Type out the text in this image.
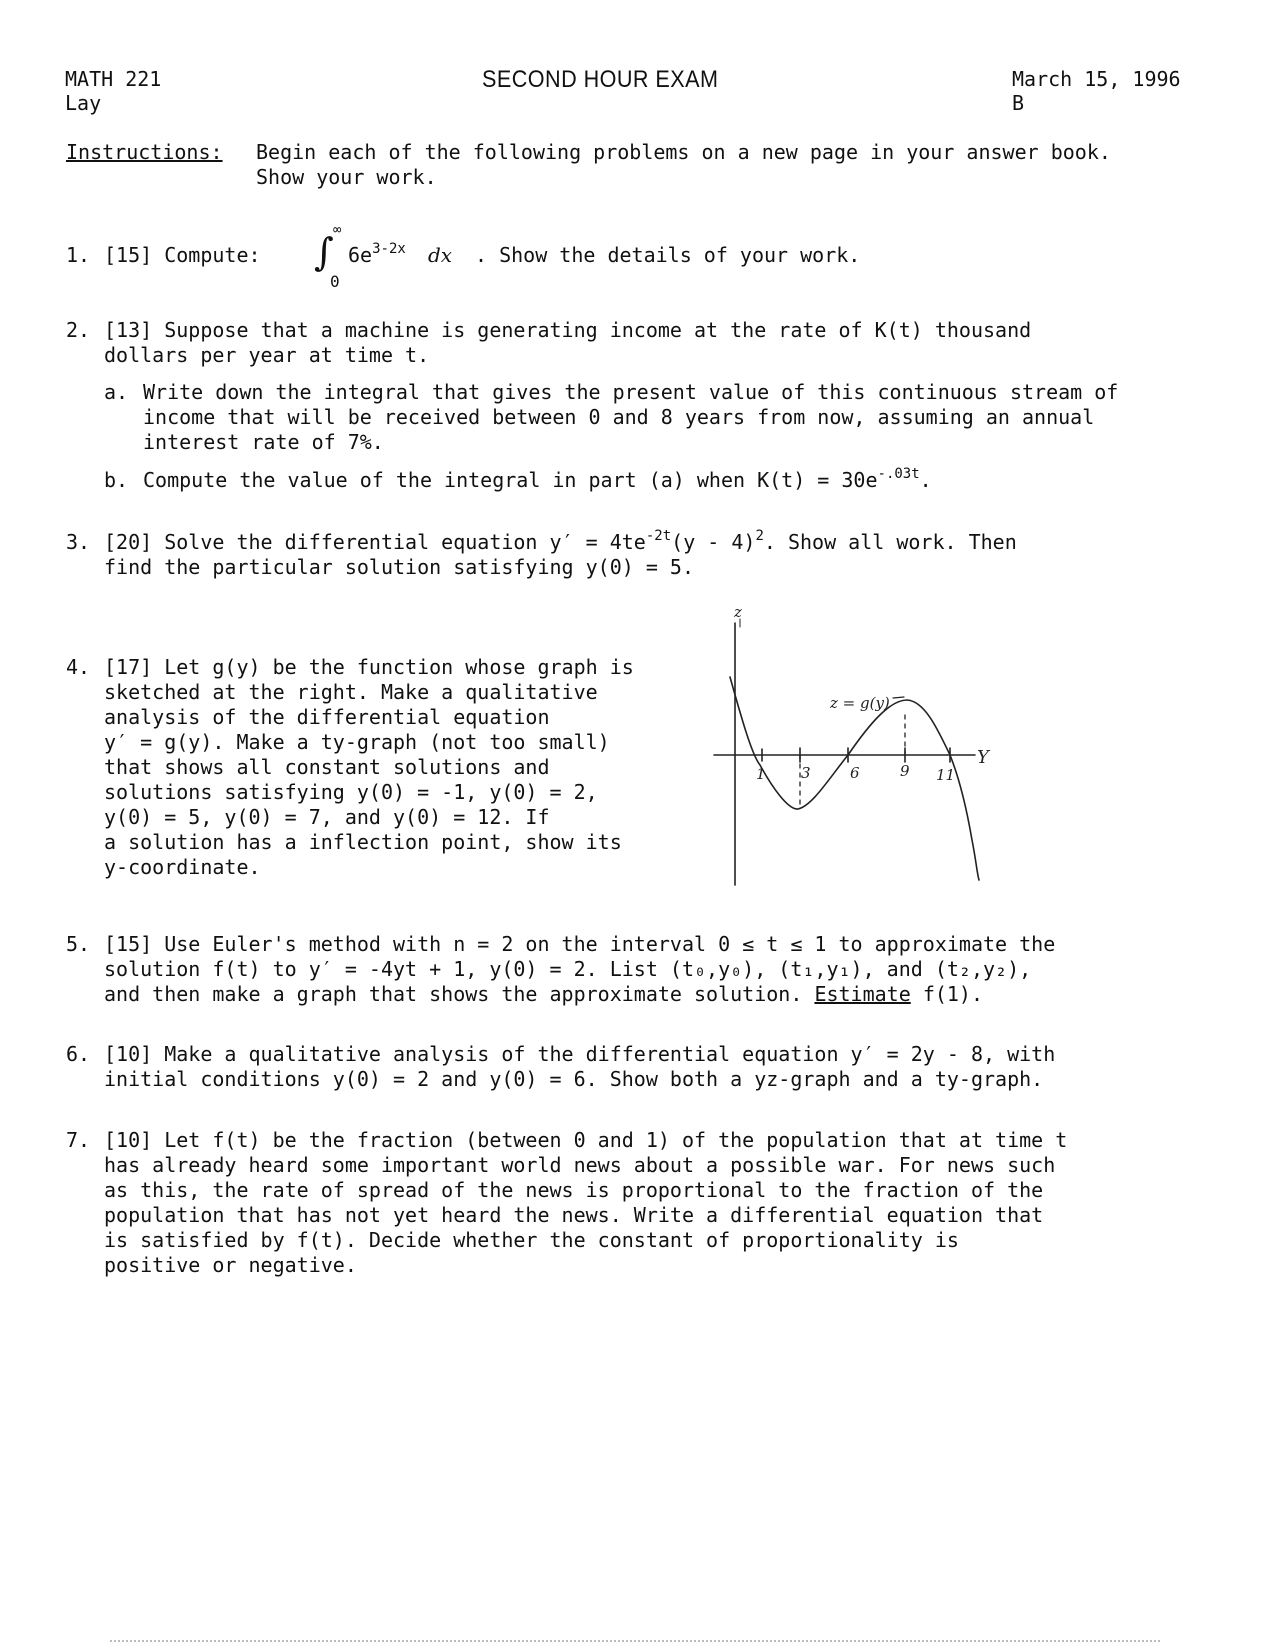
MATH 221
Lay
SECOND HOUR EXAM	March 15, 1996
B
Instructions: Begin each of the following problems on a new page in your answer book.
Show your work.
1. [15] Compute: ∫ ∞
0
$6e^{3-2x}$ dx . Show the details of your work.
2. [13] Suppose that a machine is generating income at the rate of K(t) thousand
dollars per year at time t.
a. Write down the integral that gives the present value of this continuous stream of
income that will be received between 0 and 8 years from now, assuming an annual
interest rate of 7%.
b. Compute the value of the integral in part (a) when $K(t) = 30e^{-.03t}$.
3. [20] Solve the differential equation $y' = 4te^{-2t}(y - 4)^2$. Show all work. Then
find the particular solution satisfying y(0) = 5.
4. [17] Let g(y) be the function whose graph is
sketched at the right. Make a qualitative
analysis of the differential equation
y′ = g(y). Make a ty-graph (not too small)
that shows all constant solutions and
solutions satisfying y(0) = -1, y(0) = 2,
y(0) = 5, y(0) = 7, and y(0) = 12. If
a solution has a inflection point, show its
y-coordinate.
z
Y
z = g(y)
1 3	6	9 11
5. [15] Use Euler's method with n = 2 on the interval 0 ≤ t ≤ 1 to approximate the
solution f(t) to y′ = -4yt + 1, y(0) = 2. List (t₀,y₀), (t₁,y₁), and (t₂,y₂),
and then make a graph that shows the approximate solution. Estimate f(1).
6. [10] Make a qualitative analysis of the differential equation y′ = 2y - 8, with
initial conditions y(0) = 2 and y(0) = 6. Show both a yz-graph and a ty-graph.
7. [10] Let f(t) be the fraction (between 0 and 1) of the population that at time t
has already heard some important world news about a possible war. For news such
as this, the rate of spread of the news is proportional to the fraction of the
population that has not yet heard the news. Write a differential equation that
is satisfied by f(t). Decide whether the constant of proportionality is
positive or negative.
